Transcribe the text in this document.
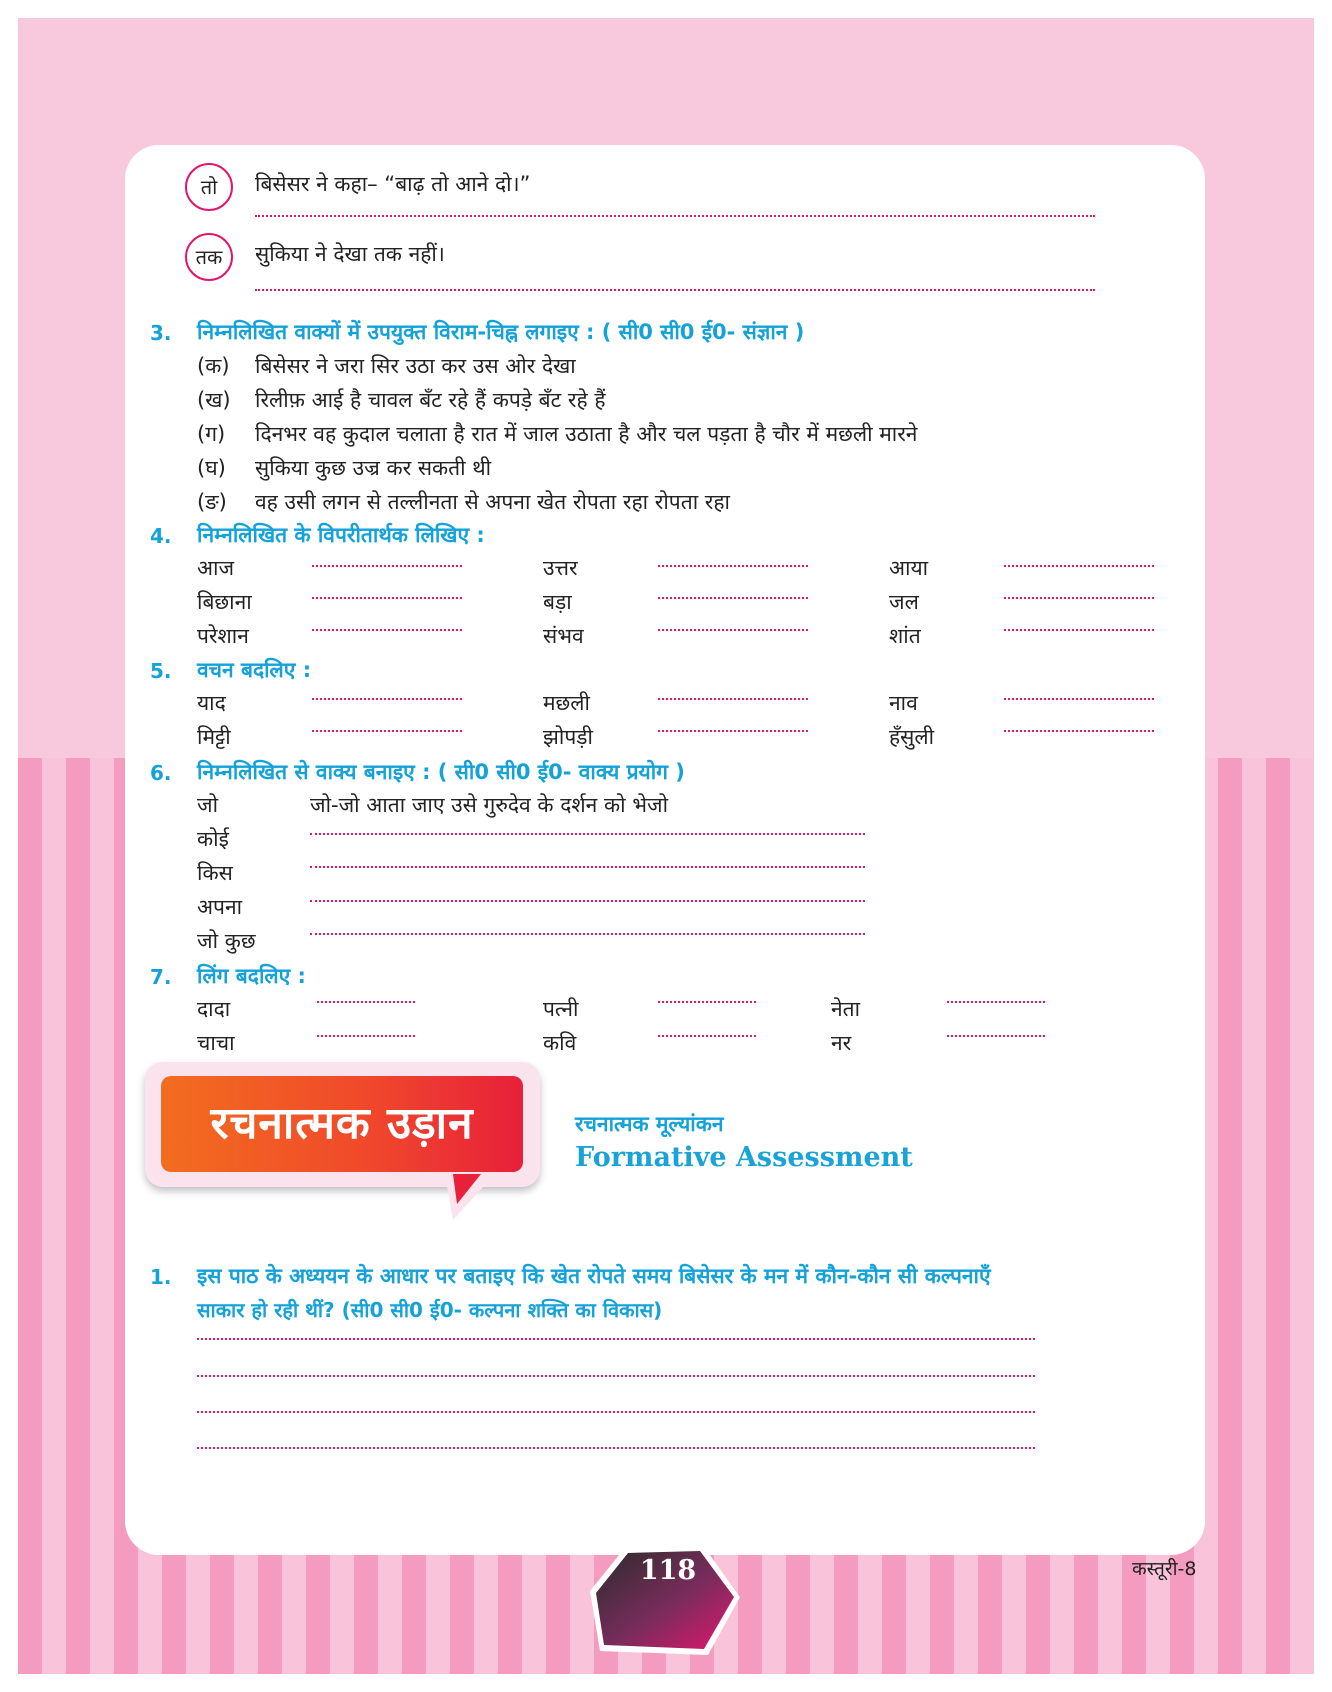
तो	बिसेसर ने कहा– “बाढ़ तो आने दो।”
तक	सुकिया ने देखा तक नहीं।
3. निम्नलिखित वाक्यों में उपयुक्त विराम-चिह्न लगाइए : ( सी0 सी0 ई0- संज्ञान )
(क) बिसेसर ने जरा सिर उठा कर उस ओर देखा
(ख) रिलीफ़ आई है चावल बँट रहे हैं कपड़े बँट रहे हैं
(ग) दिनभर वह कुदाल चलाता है रात में जाल उठाता है और चल पड़ता है चौर में मछली मारने
(घ) सुकिया कुछ उज्र कर सकती थी
(ङ) वह उसी लगन से तल्लीनता से अपना खेत रोपता रहा रोपता रहा
4. निम्नलिखित के विपरीतार्थक लिखिए :
आज	उत्तर	आया
बिछाना	बड़ा	जल
परेशान	संभव	शांत
5. वचन बदलिए :
याद	मछली	नाव
मिट्टी	झोपड़ी	हँसुली
6. निम्नलिखित से वाक्य बनाइए : ( सी0 सी0 ई0- वाक्य प्रयोग )
जो	जो-जो आता जाए उसे गुरुदेव के दर्शन को भेजो
कोई
किस
अपना
जो कुछ
7. लिंग बदलिए :
दादा	पत्नी	नेता
चाचा	कवि	नर
1. इस पाठ के अध्ययन के आधार पर बताइए कि खेत रोपते समय बिसेसर के मन में कौन-कौन सी कल्पनाएँ
साकार हो रही थीं? (सी0 सी0 ई0- कल्पना शक्ति का विकास)
रचनात्मक उड़ान	रचनात्मक मूल्यांकन
Formative Assessment
118	कस्तूरी-8
